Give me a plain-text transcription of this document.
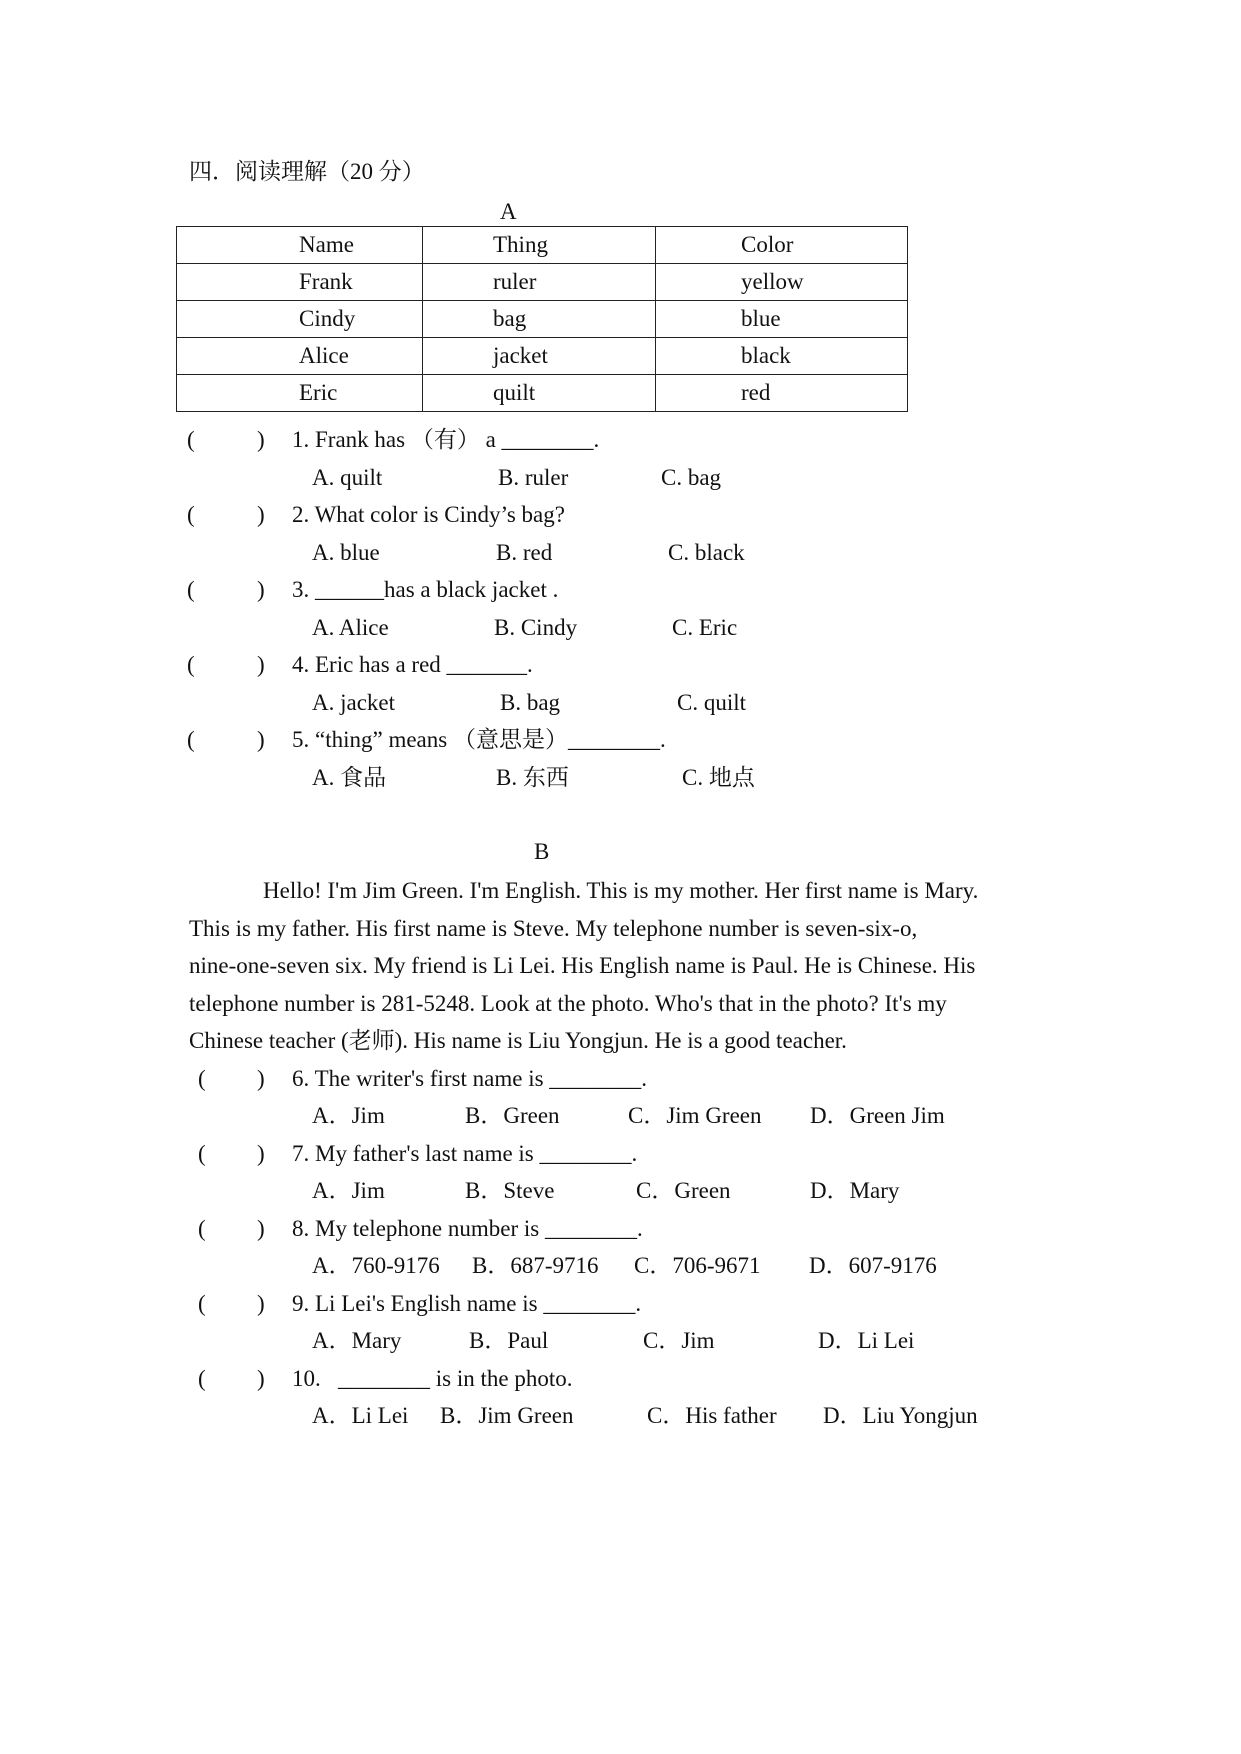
四．阅读理解（20 分）
A
Name	Thing	Color
Frank	ruler	yellow
Cindy	bag	blue
Alice	jacket	black
Eric	quilt	red
(	) 1. Frank has （有） a ________.
A. quilt	B. ruler	C. bag
(	) 2. What color is Cindy’s bag?
A. blue	B. red	C. black
(	) 3. ______has a black jacket .
A. Alice	B. Cindy	C. Eric
(	) 4. Eric has a red _______.
A. jacket	B. bag	C. quilt
(	) 5. “thing” means （意思是）________.
A. 食品	B. 东西	C. 地点
B
Hello! I'm Jim Green. I'm English. This is my mother. Her first name is Mary.
This is my father. His first name is Steve. My telephone number is seven-six-o,
nine-one-seven six. My friend is Li Lei. His English name is Paul. He is Chinese. His
telephone number is 281-5248. Look at the photo. Who's that in the photo? It's my
Chinese teacher (老师). His name is Liu Yongjun. He is a good teacher.
( ) 6. The writer's first name is ________.
A．Jim	B．Green	C．Jim Green D．Green Jim
( ) 7. My father's last name is ________.
A．Jim	B．Steve	C．Green	D．Mary
( ) 8. My telephone number is ________.
A．760-9176 B．687-9716 C．706-9671 D．607-9176
( ) 9. Li Lei's English name is ________.
A．Mary	B．Paul	C．Jim	D．Li Lei
( ) 10.   ________ is in the photo.
A．Li Lei B．Jim Green	C．His father D．Liu Yongjun
